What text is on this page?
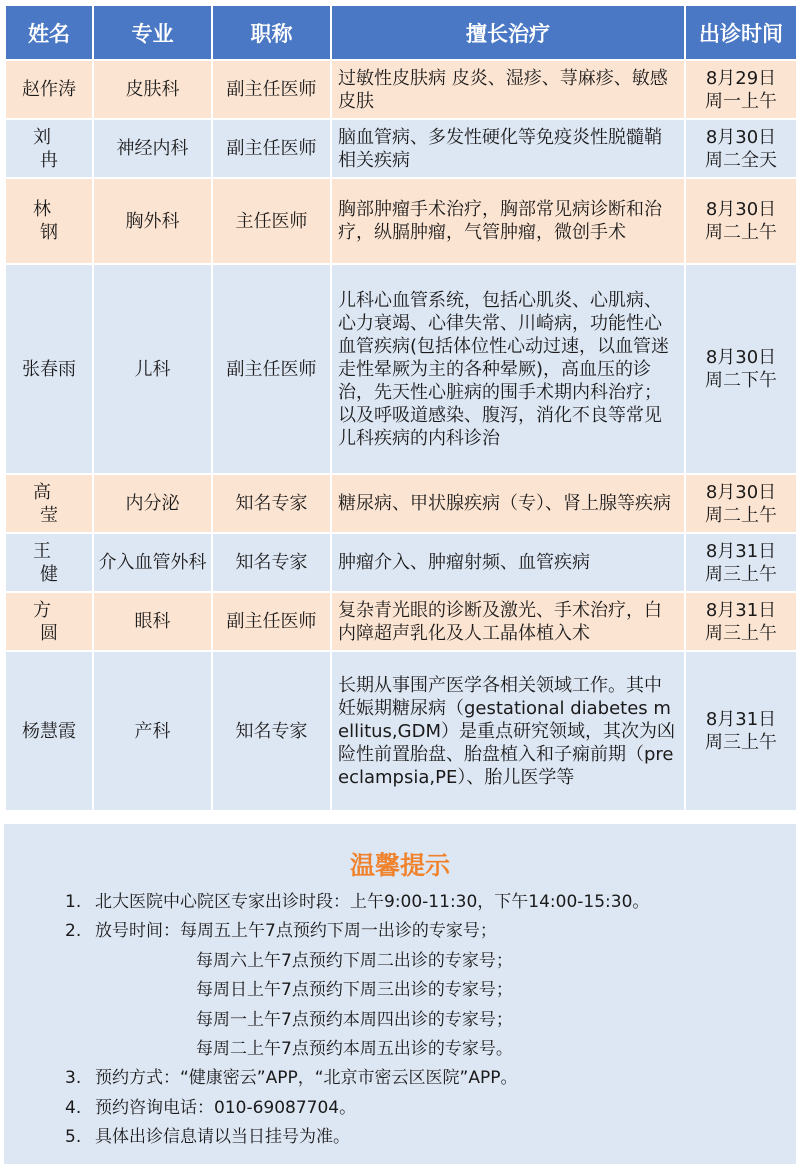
姓名	专业	职称	擅长治疗	出诊时间
赵作涛	皮肤科	副主任医师	过敏性皮肤病 皮炎、湿疹、荨麻疹、敏感皮肤	8月29日
周一上午

刘 冉	神经内科	副主任医师	脑血管病、多发性硬化等免疫炎性脱髓鞘相关疾病	8月30日
周二全天

林 钢	胸外科	主任医师	胸部肿瘤手术治疗，胸部常见病诊断和治疗，纵膈肿瘤，气管肿瘤，微创手术	8月30日
周二上午

张春雨	儿科	副主任医师	儿科心血管系统，包括心肌炎、心肌病、心力衰竭、心律失常、川崎病，功能性心血管疾病(包括体位性心动过速，以血管迷走性晕厥为主的各种晕厥)，高血压的诊治，先天性心脏病的围手术期内科治疗；以及呼吸道感染、腹泻，消化不良等常见儿科疾病的内科诊治	8月30日
周二下午

高 莹	内分泌	知名专家	糖尿病、甲状腺疾病（专）、肾上腺等疾病	8月30日
周二上午

王 健	介入血管外科	知名专家	肿瘤介入、肿瘤射频、血管疾病	8月31日
周三上午

方 圆	眼科	副主任医师	复杂青光眼的诊断及激光、手术治疗，白内障超声乳化及人工晶体植入术	8月31日
周三上午

杨慧霞	产科	知名专家	长期从事围产医学各相关领域工作。其中妊娠期糖尿病（gestational diabetes mellitus,GDM）是重点研究领域，其次为凶险性前置胎盘、胎盘植入和子痫前期（preeclampsia,PE）、胎儿医学等	8月31日
周三上午
温馨提示
1. 北大医院中心院区专家出诊时段：上午9:00-11:30，下午14:00-15:30。
2. 放号时间：每周五上午7点预约下周一出诊的专家号；
每周六上午7点预约下周二出诊的专家号；
每周日上午7点预约下周三出诊的专家号；
每周一上午7点预约本周四出诊的专家号；
每周二上午7点预约本周五出诊的专家号。
3. 预约方式：“健康密云”APP，“北京市密云区医院”APP。
4. 预约咨询电话：010-69087704。
5. 具体出诊信息请以当日挂号为准。
